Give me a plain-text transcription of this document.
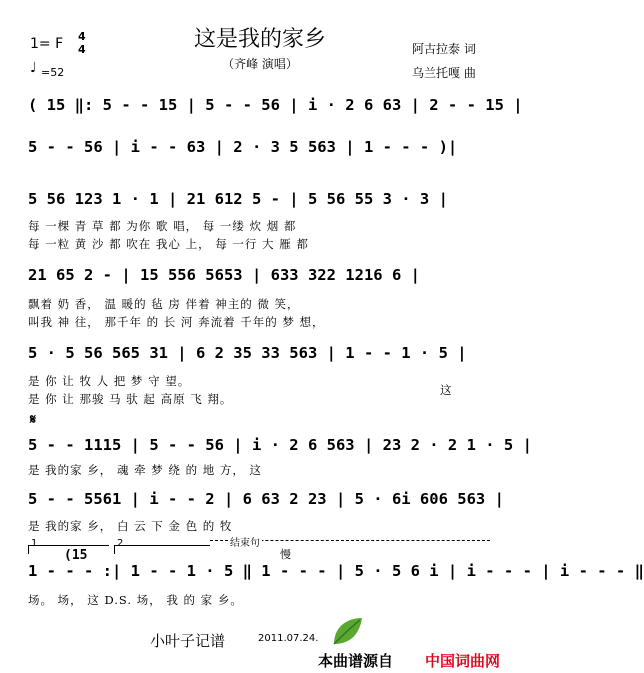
这是我的家乡
（齐峰 演唱）
1= F 4
4
♩ =52
阿古拉泰 词
乌兰托嘎 曲
( 15 ‖: 5 - - 15 | 5 - - 56 | i · 2 6 63 | 2 - - 15 |
5 - - 56 | i - - 63 | 2 · 3 5 563 | 1 - - - )|
5 56 123 1 · 1 | 21 612 5 - | 5 56 55 3 · 3 |
每 一棵 青 草 都 为你 歌 唱， 每 一缕 炊 烟 都
每 一粒 黄 沙 都 吹在 我心 上， 每 一行 大 雁 都
21 65 2 - | 15 556 5653 | 633 322 1216 6 |
飘着 奶 香， 温 暖的 毡 房 伴着 神主的 微 笑，
叫我 神 往， 那千年 的 长 河 奔流着 千年的 梦 想，
5 · 5 56 565 31 | 6 2 35 33 563 | 1 - - 1 · 5 |
是 你 让 牧 人 把 梦 守 望。
是 你 让 那骏 马 驮 起 高原 飞 翔。
这
𝄋
5 - - 1115 | 5 - - 56 | i · 2 6 563 | 23 2 · 2 1 · 5 |
是 我的家 乡， 魂 牵 梦 绕 的 地 方， 这
5 - - 5561 | i - - 2 | 6 63 2 23 | 5 · 6i 606 563 |
是 我的家 乡， 白 云 下 金 色 的 牧
1	2	结束句
慢
(15
1 - - - :| 1 - - 1 · 5 ‖ 1 - - - | 5 · 5 6 i | i - - - | i - - - ‖
场。 场， 这 D.S. 场， 我 的 家 乡。
小叶子记谱	2011.07.24.
本曲谱源自 中国词曲网
